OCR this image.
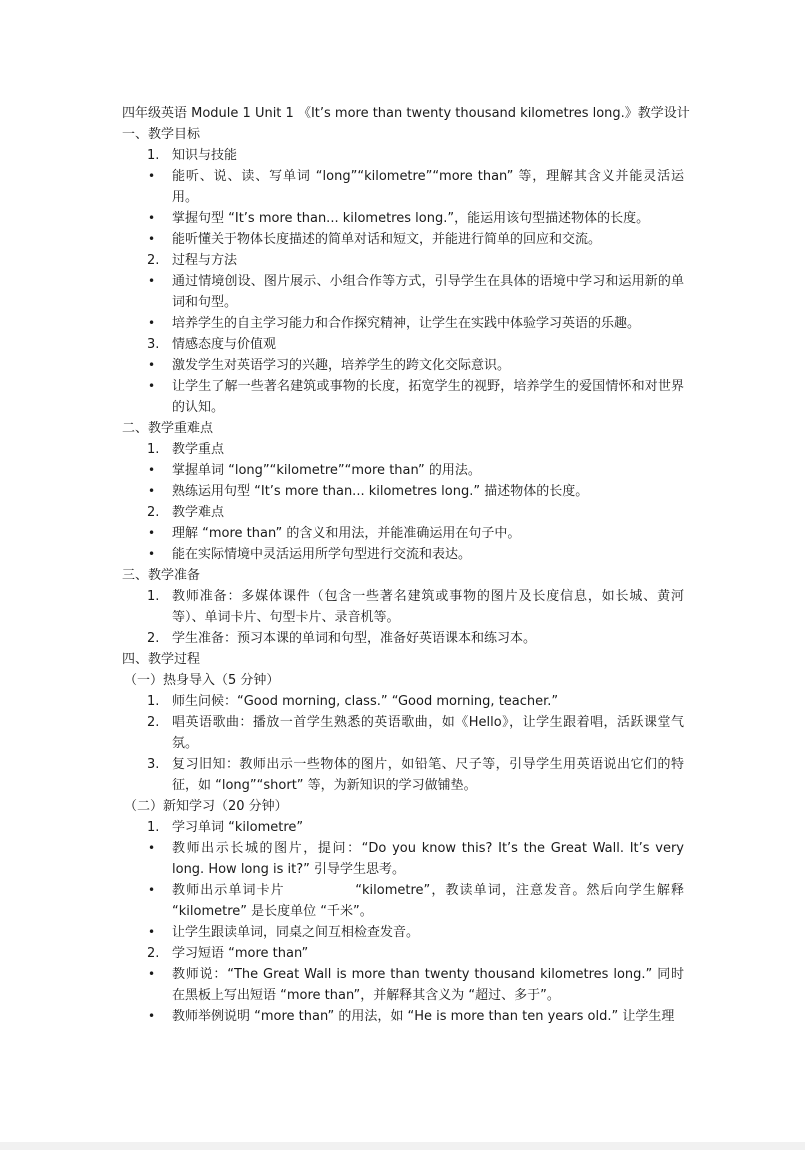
四年级英语 Module 1 Unit 1 《It’s more than twenty thousand kilometres long.》教学设计
一、教学目标
1. 知识与技能
• 能听、说、读、写单词 “long”“kilometre”“more than” 等，理解其含义并能灵活运用。
• 掌握句型 “It’s more than... kilometres long.”，能运用该句型描述物体的长度。
• 能听懂关于物体长度描述的简单对话和短文，并能进行简单的回应和交流。
2. 过程与方法
• 通过情境创设、图片展示、小组合作等方式，引导学生在具体的语境中学习和运用新的单词和句型。
• 培养学生的自主学习能力和合作探究精神，让学生在实践中体验学习英语的乐趣。
3. 情感态度与价值观
• 激发学生对英语学习的兴趣，培养学生的跨文化交际意识。
• 让学生了解一些著名建筑或事物的长度，拓宽学生的视野，培养学生的爱国情怀和对世界的认知。
二、教学重难点
1. 教学重点
• 掌握单词 “long”“kilometre”“more than” 的用法。
• 熟练运用句型 “It’s more than... kilometres long.” 描述物体的长度。
2. 教学难点
• 理解 “more than” 的含义和用法，并能准确运用在句子中。
• 能在实际情境中灵活运用所学句型进行交流和表达。
三、教学准备
1. 教师准备：多媒体课件（包含一些著名建筑或事物的图片及长度信息，如长城、黄河等）、单词卡片、句型卡片、录音机等。
2. 学生准备：预习本课的单词和句型，准备好英语课本和练习本。
四、教学过程
（一）热身导入（5 分钟）
1. 师生问候：“Good morning, class.” “Good morning, teacher.”
2. 唱英语歌曲：播放一首学生熟悉的英语歌曲，如《Hello》，让学生跟着唱，活跃课堂气氛。
3. 复习旧知：教师出示一些物体的图片，如铅笔、尺子等，引导学生用英语说出它们的特征，如 “long”“short” 等，为新知识的学习做铺垫。
（二）新知学习（20 分钟）
1. 学习单词 “kilometre”
• 教师出示长城的图片，提问：“Do you know this? It’s the Great Wall. It’s very long. How long is it?” 引导学生思考。
• 教师出示单词卡片　　　　　“kilometre”，教读单词，注意发音。然后向学生解释 “kilometre” 是长度单位 “千米”。
• 让学生跟读单词，同桌之间互相检查发音。
2. 学习短语 “more than”
• 教师说：“The Great Wall is more than twenty thousand kilometres long.” 同时在黑板上写出短语 “more than”，并解释其含义为 “超过、多于”。
• 教师举例说明 “more than” 的用法，如 “He is more than ten years old.” 让学生理
